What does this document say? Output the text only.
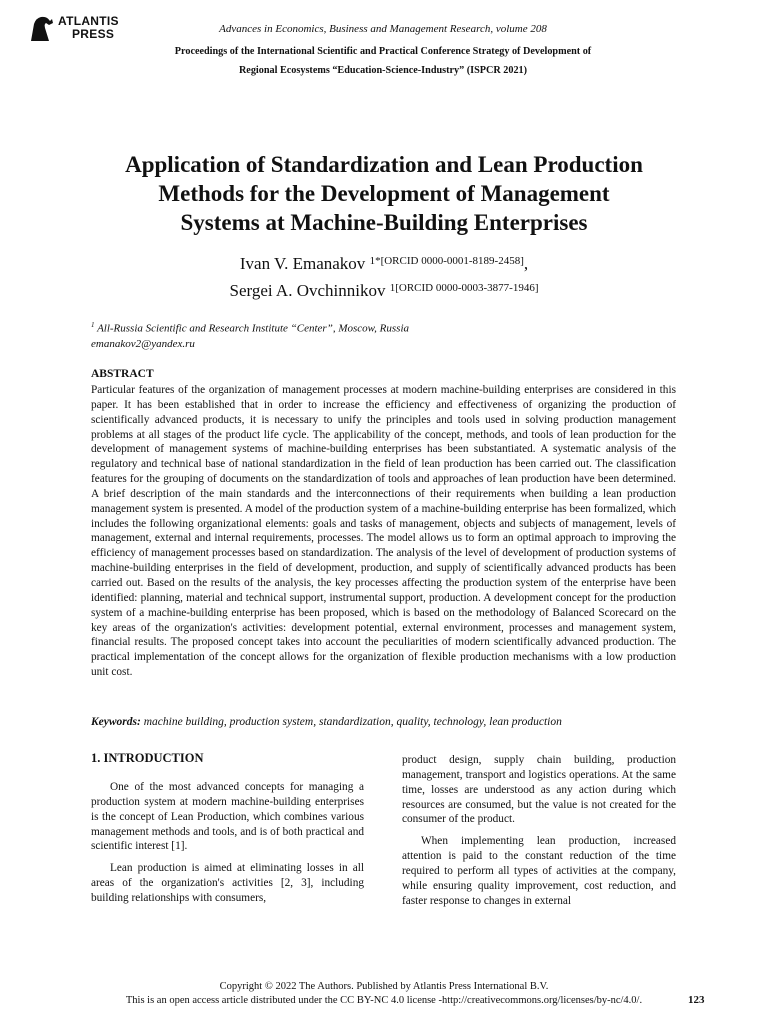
ATLANTIS
PRESS	Advances in Economics, Business and Management Research, volume 208
Proceedings of the International Scientific and Practical Conference Strategy of Development of
Regional Ecosystems “Education-Science-Industry” (ISPCR 2021)
Application of Standardization and Lean Production
Methods for the Development of Management
Systems at Machine-Building Enterprises
Ivan V. Emanakov $^{1*[ORCID 0000-0001-8189-2458]}$,
Sergei A. Ovchinnikov $^{1[ORCID 0000-0003-3877-1946]}$
$^1$ All-Russia Scientific and Research Institute “Center”, Moscow, Russia
emanakov2@yandex.ru
ABSTRACT

Particular features of the organization of management processes at modern machine-building enterprises are considered in this paper. It has been established that in order to increase the efficiency and effectiveness of organizing the production of scientifically advanced products, it is necessary to unify the principles and tools used in solving production management problems at all stages of the product life cycle. The applicability of the concept, methods, and tools of lean production for the development of management systems of machine-building enterprises has been substantiated. A systematic analysis of the regulatory and technical base of national standardization in the field of lean production has been carried out. The classification features for the grouping of documents on the standardization of tools and approaches of lean production have been determined. A brief description of the main standards and the interconnections of their requirements when building a lean production management system is presented. A model of the production system of a machine-building enterprise has been formalized, which includes the following organizational elements: goals and tasks of management, objects and subjects of management, levels of management, external and internal requirements, processes. The model allows us to form an optimal approach to improving the efficiency of management processes based on standardization. The analysis of the level of development of production systems of machine-building enterprises in the field of development, production, and supply of scientifically advanced products has been carried out. Based on the results of the analysis, the key processes affecting the production system of the enterprise have been identified: planning, material and technical support, instrumental support, production. A development concept for the production system of a machine-building enterprise has been proposed, which is based on the methodology of Balanced Scorecard on the key areas of the organization's activities: development potential, external environment, processes and management system, financial results. The proposed concept takes into account the peculiarities of modern scientifically advanced production. The practical implementation of the concept allows for the organization of flexible production mechanisms with a low production unit cost.

Keywords: machine building, production system, standardization, quality, technology, lean production
1. INTRODUCTION

One of the most advanced concepts for managing a production system at modern machine-building enterprises is the concept of Lean Production, which combines various management methods and tools, and is of both practical and scientific interest [1].

Lean production is aimed at eliminating losses in all areas of the organization's activities [2, 3], including building relationships with consumers,

product design, supply chain building, production management, transport and logistics operations. At the same time, losses are understood as any action during which resources are consumed, but the value is not created for the consumer of the product.

When implementing lean production, increased attention is paid to the constant reduction of the time required to perform all types of activities at the company, while ensuring quality improvement, cost reduction, and faster response to changes in external

Copyright © 2022 The Authors. Published by Atlantis Press International B.V.
This is an open access article distributed under the CC BY-NC 4.0 license -http://creativecommons.org/licenses/by-nc/4.0/.	123
